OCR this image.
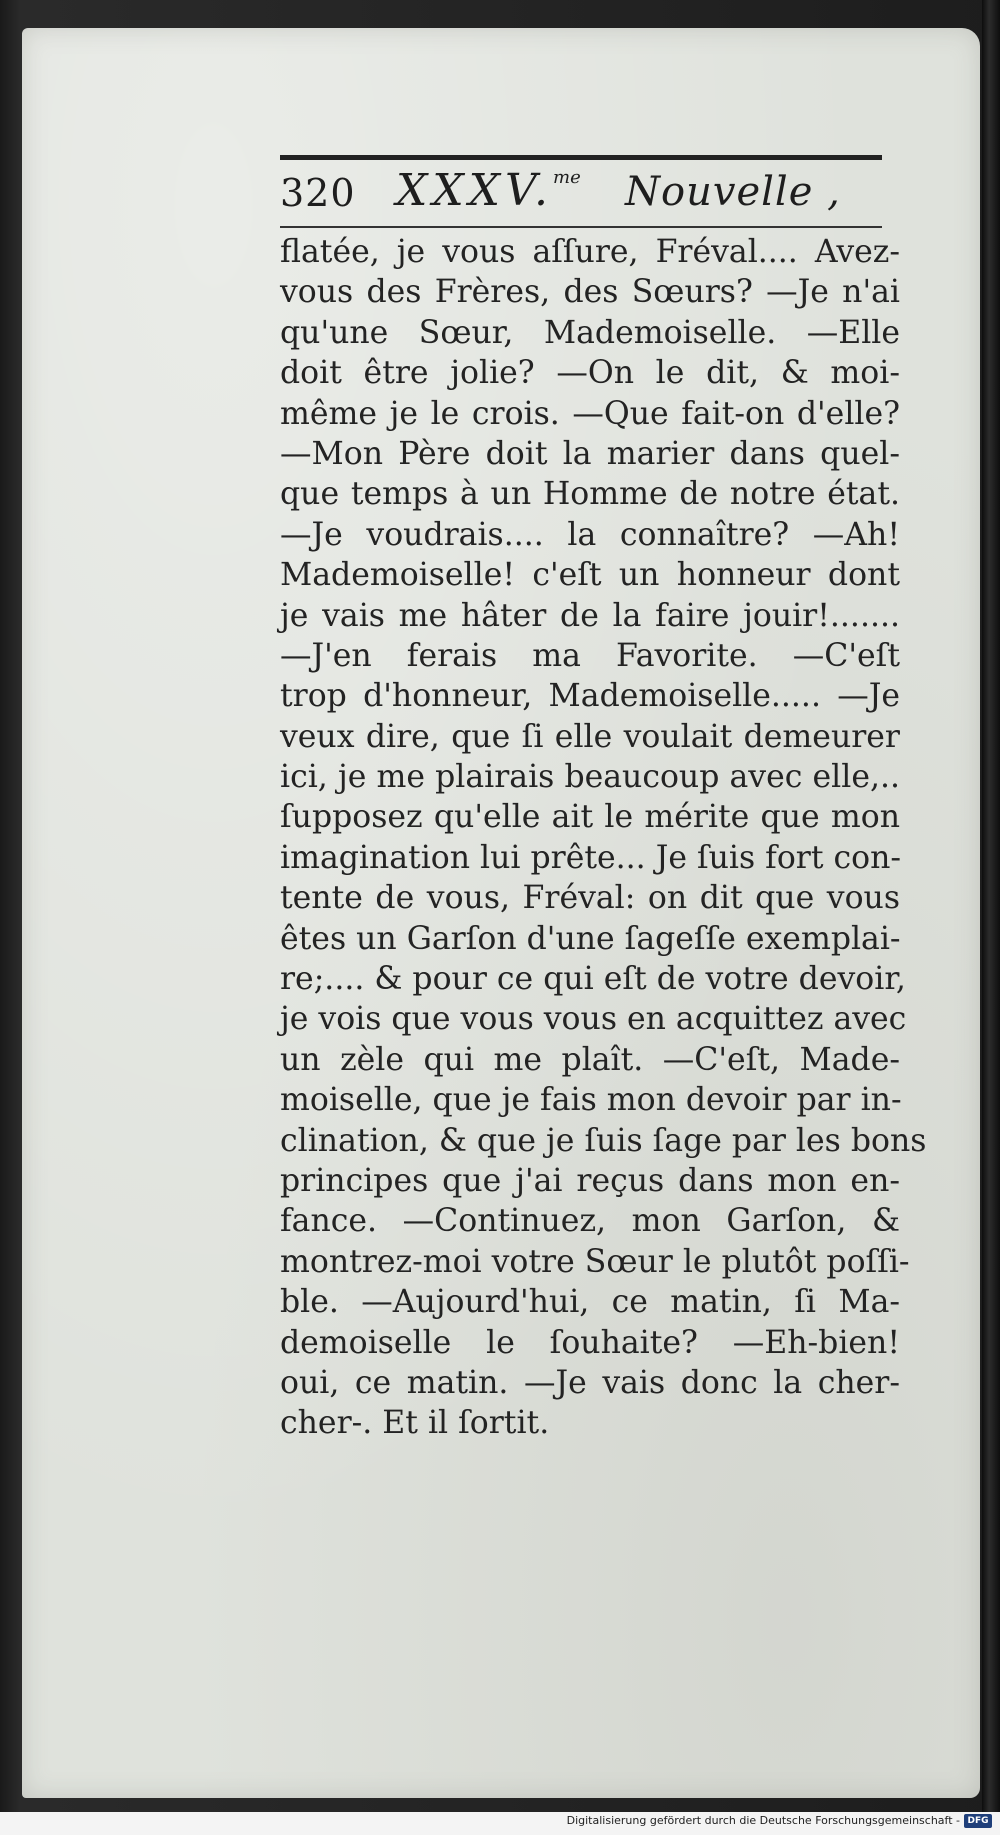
320 XXXV.$^{me}$ Nouvelle ,
flatée, je vous aſſure, Fréval.... Avez-
vous des Frères, des Sœurs? —Je n'ai
qu'une Sœur, Mademoiselle. —Elle
doit être jolie? —On le dit, & moi-
même je le crois. —Que fait-on d'elle?
—Mon Père doit la marier dans quel-
que temps à un Homme de notre état.
—Je voudrais.... la connaître? —Ah!
Mademoiselle! c'eſt un honneur dont
je vais me hâter de la faire jouir!.......
—J'en ferais ma Favorite. —C'eſt
trop d'honneur, Mademoiselle..... —Je
veux dire, que ſi elle voulait demeurer
ici, je me plairais beaucoup avec elle,..
ſupposez qu'elle ait le mérite que mon
imagination lui prête... Je ſuis fort con-
tente de vous, Fréval: on dit que vous
êtes un Garſon d'une ſageſſe exemplai-
re;.... & pour ce qui eſt de votre devoir,
je vois que vous vous en acquittez avec
un zèle qui me plaît. —C'eſt, Made-
moiselle, que je fais mon devoir par in-
clination, & que je ſuis ſage par les bons
principes que j'ai reçus dans mon en-
fance. —Continuez, mon Garſon, &
montrez-moi votre Sœur le plutôt poſſi-
ble. —Aujourd'hui, ce matin, ſi Ma-
demoiselle le ſouhaite? —Eh-bien!
oui, ce matin. —Je vais donc la cher-
cher-. Et il ſortit.
Digitalisierung gefördert durch die Deutsche Forschungsgemeinschaft - DFG
